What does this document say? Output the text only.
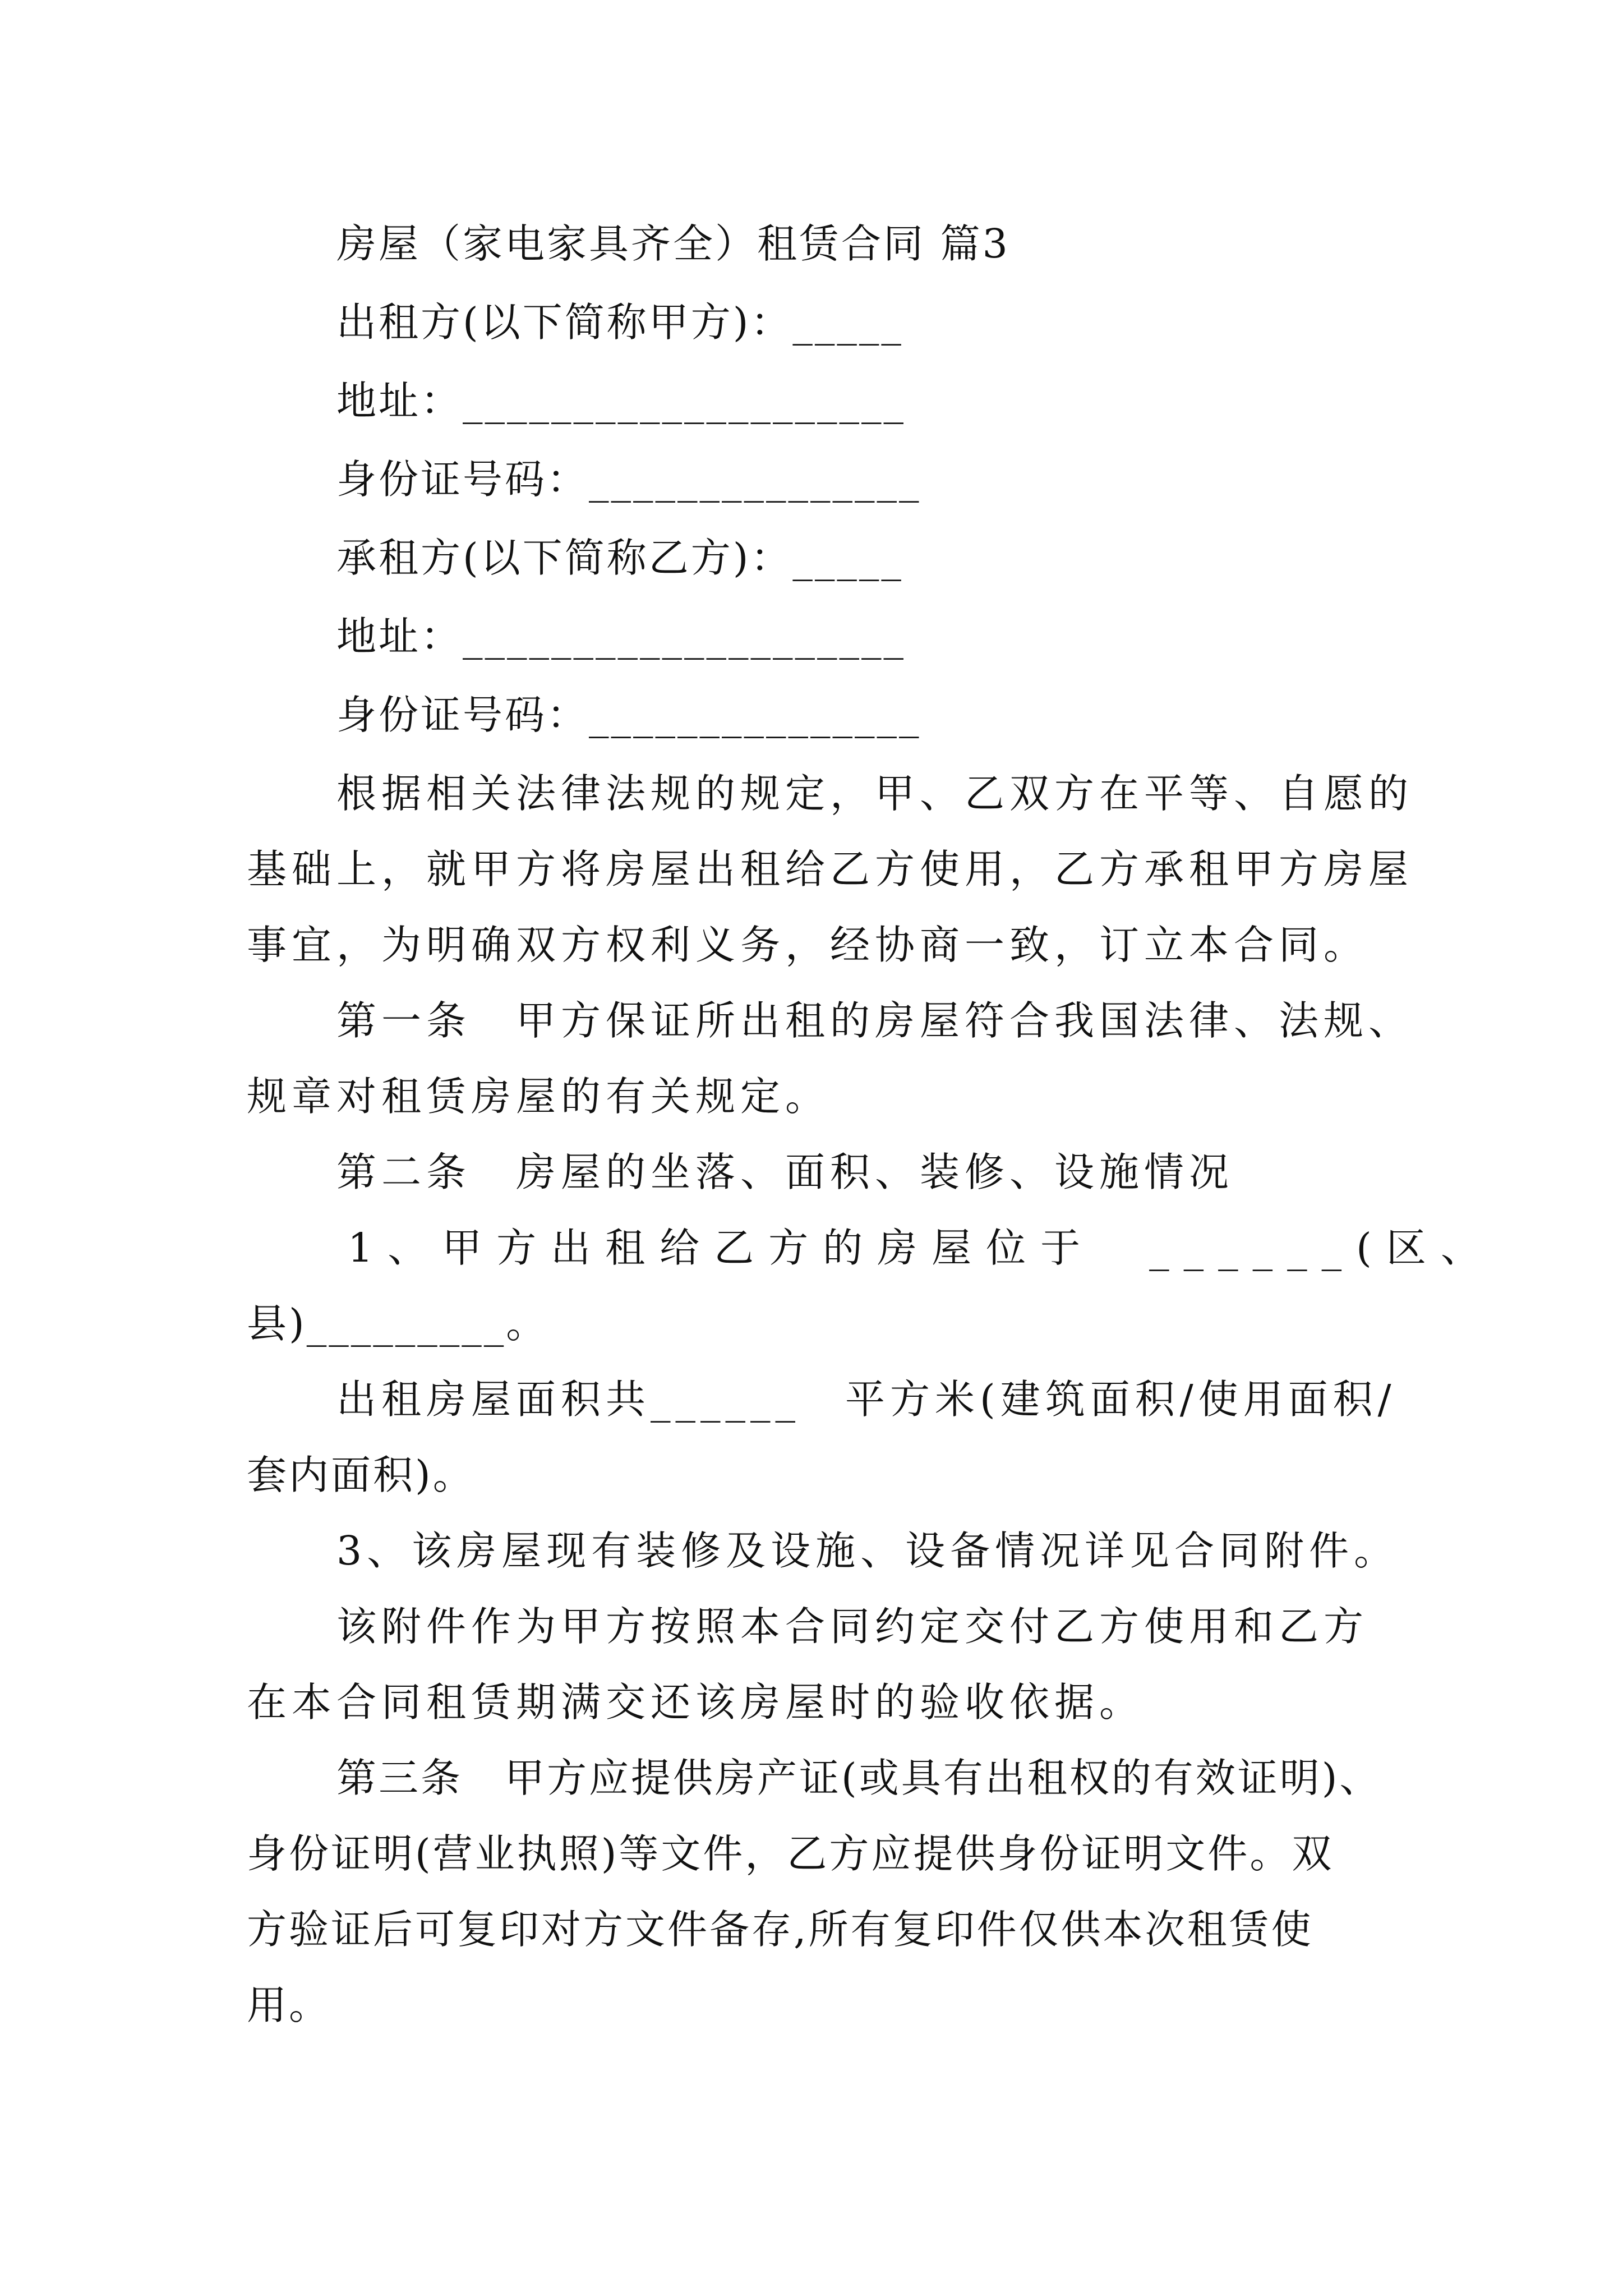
房屋（家电家具齐全）租赁合同 篇3
出租方(以下简称甲方)：_____
地址：____________________
身份证号码：_______________
承租方(以下简称乙方)：_____
地址：____________________
身份证号码：_______________
根据相关法律法规的规定，甲、乙双方在平等、自愿的
基础上，就甲方将房屋出租给乙方使用，乙方承租甲方房屋
事宜，为明确双方权利义务，经协商一致，订立本合同。
第一条　甲方保证所出租的房屋符合我国法律、法规、
规章对租赁房屋的有关规定。
第二条　房屋的坐落、面积、装修、设施情况
1、甲方出租给乙方的房屋位于　______(区、
县)_________。
出租房屋面积共______　平方米(建筑面积/使用面积/
套内面积)。
3、该房屋现有装修及设施、设备情况详见合同附件。
该附件作为甲方按照本合同约定交付乙方使用和乙方
在本合同租赁期满交还该房屋时的验收依据。
第三条　甲方应提供房产证(或具有出租权的有效证明)、
身份证明(营业执照)等文件，乙方应提供身份证明文件。双
方验证后可复印对方文件备存,所有复印件仅供本次租赁使
用。
